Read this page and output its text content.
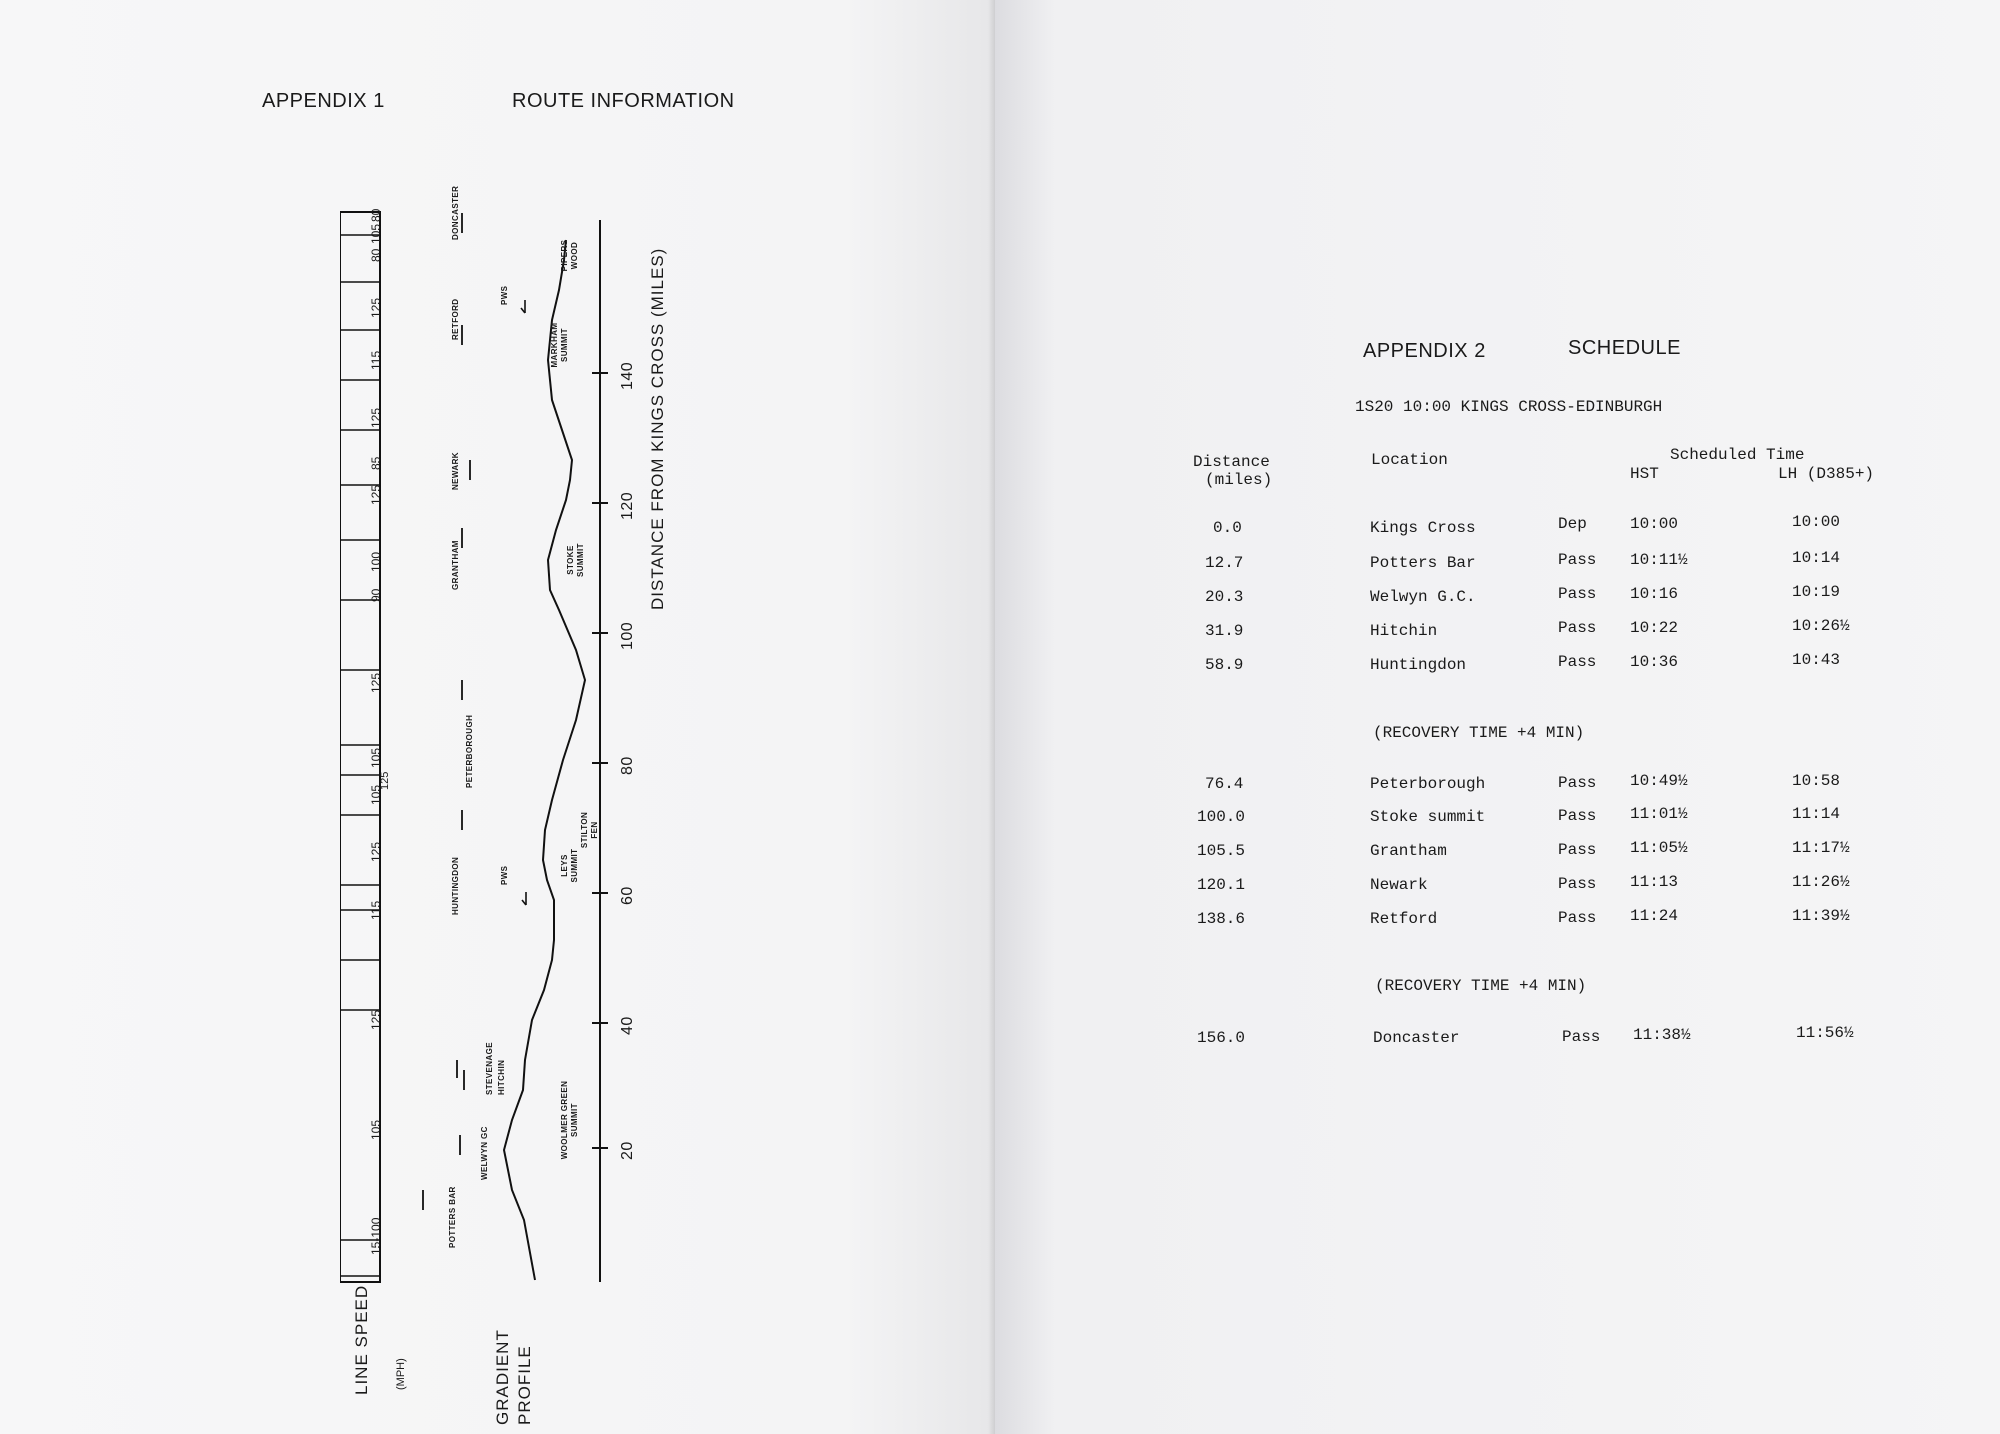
APPENDIX 1	ROUTE INFORMATION
15-100
105
125
115
125
105
125
105
125
90
100
125
85
125
115
125
80
105
80
POTTERS BAR
WELWYN GC
STEVENAGE
HUNTINGDON
PETERBOROUGH
GRANTHAM
NEWARK
RETFORD
DONCASTER
HITCHIN
WOOLMER GREEN SUMMIT
LEYS SUMMIT
STILTON FEN
STOKE SUMMIT
MARKHAM SUMMIT
PIPERS WOOD
PWS
PWS
20
40
60
80
100
120
140 DISTANCE FROM KINGS CROSS (MILES)
LINE SPEED (MPH)	GRADIENT PROFILE
APPENDIX 2	SCHEDULE
1S20 10:00 KINGS CROSS-EDINBURGH
Distance
(miles)
Location	Scheduled Time
HST	LH (D385+)
0.0	Kings Cross	Dep	10:00	10:00
12.7	Potters Bar	Pass 10:11½	10:14
20.3	Welwyn G.C.	Pass 10:16	10:19
31.9	Hitchin	Pass 10:22	10:26½
58.9	Huntingdon	Pass 10:36	10:43
(RECOVERY TIME +4 MIN)
76.4	Peterborough	Pass 10:49½	10:58
100.0	Stoke summit	Pass 11:01½	11:14
105.5	Grantham	Pass 11:05½	11:17½
120.1	Newark	Pass 11:13	11:26½
138.6	Retford	Pass 11:24	11:39½
(RECOVERY TIME +4 MIN)
156.0	Doncaster	Pass 11:38½	11:56½
